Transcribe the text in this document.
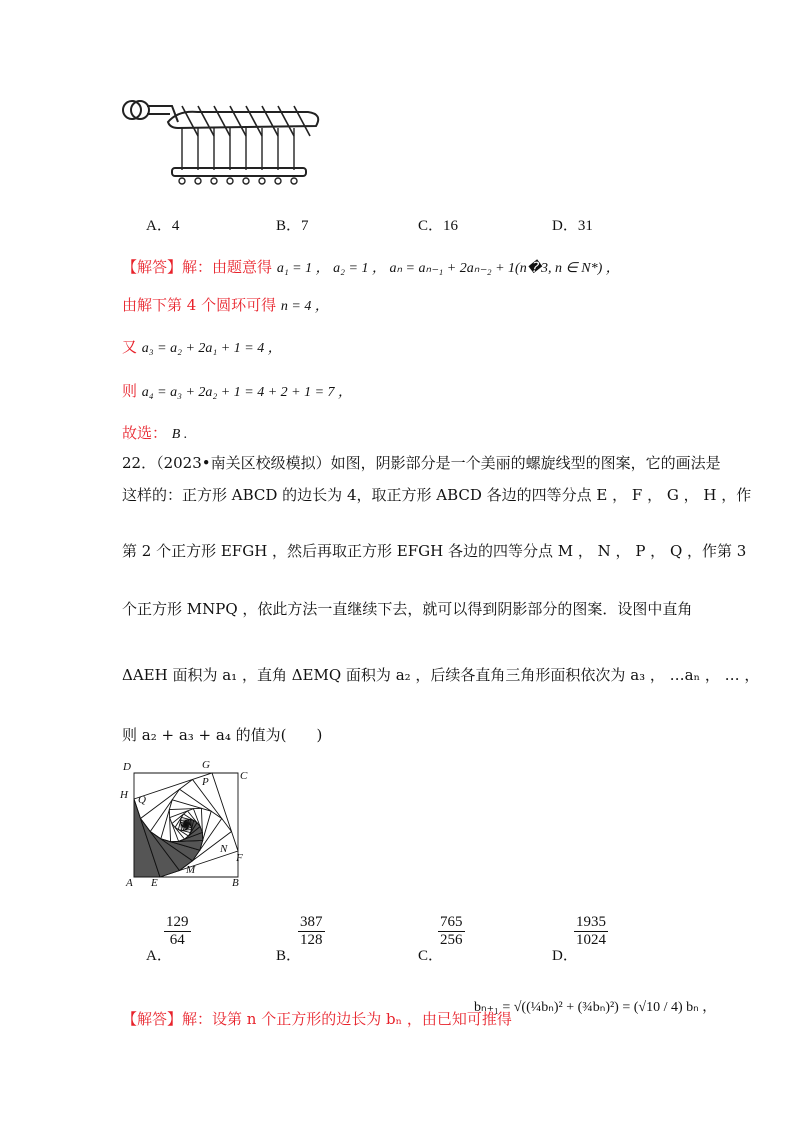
A．4	B．7	C．16	D．31
【解答】解：由题意得 a₁ = 1 ， a₂ = 1 ， aₙ = aₙ₋₁ + 2aₙ₋₂ + 1(n�3, n ∈ N*) ，
由解下第 4 个圆环可得 n = 4 ，
又 a₃ = a₂ + 2a₁ + 1 = 4 ，
则 a₄ = a₃ + 2a₂ + 1 = 4 + 2 + 1 = 7 ，
故选： B .
22．（2023•南关区校级模拟）如图，阴影部分是一个美丽的螺旋线型的图案，它的画法是
这样的：正方形 ABCD 的边长为 4，取正方形 ABCD 各边的四等分点 E ， F ， G ， H ，作
第 2 个正方形 EFGH ，然后再取正方形 EFGH 各边的四等分点 M ， N ， P ， Q ，作第 3
个正方形 MNPQ ，依此方法一直继续下去，就可以得到阴影部分的图案．设图中直角
ΔAEH 面积为 a₁ ，直角 ΔEMQ 面积为 a₂ ，后续各直角三角形面积依次为 a₃ ， …aₙ ， … ，
则 a₂ + a₃ + a₄ 的值为(　　)
D	G
C
H Q
P
N
F
A E
M
B
A．
$\frac{129}{64}$
B．
$\frac{387}{128}$
C．
$\frac{765}{256}$
D．
$\frac{1935}{1024}$
【解答】解：设第 n 个正方形的边长为 bₙ ，由已知可推得
bₙ₊₁ = √((¼bₙ)² + (¾bₙ)²) = (√10 / 4) bₙ ，
